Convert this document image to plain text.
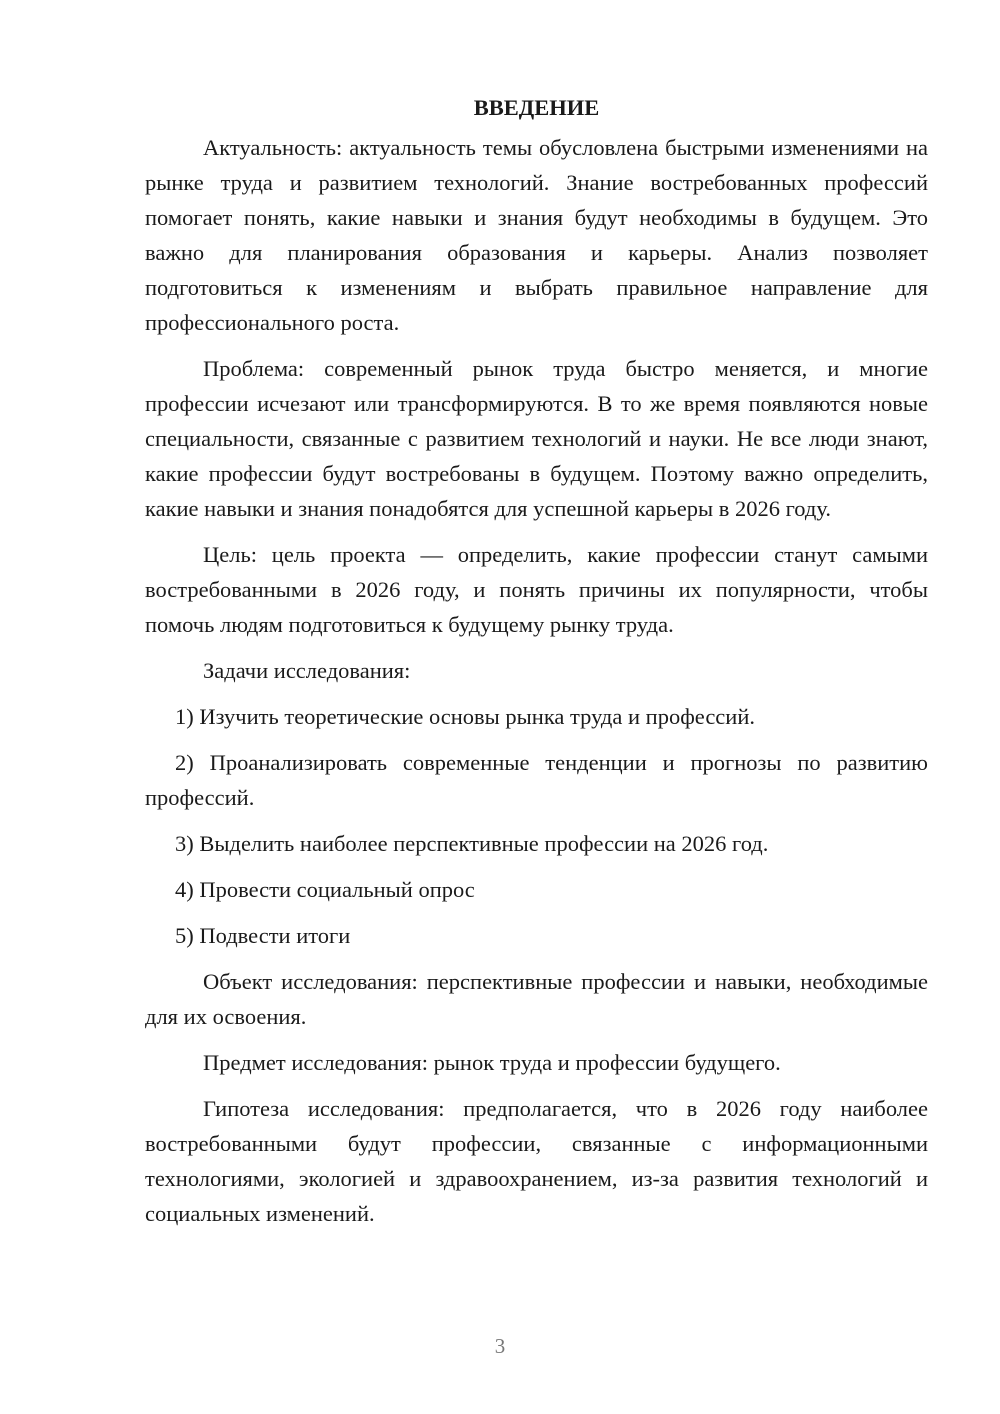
ВВЕДЕНИЕ

Актуальность: актуальность темы обусловлена быстрыми изменениями на рынке труда и развитием технологий. Знание востребованных профессий помогает понять, какие навыки и знания будут необходимы в будущем. Это важно для планирования образования и карьеры. Анализ позволяет подготовиться к изменениям и выбрать правильное направление для профессионального роста.

Проблема: современный рынок труда быстро меняется, и многие профессии исчезают или трансформируются. В то же время появляются новые специальности, связанные с развитием технологий и науки. Не все люди знают, какие профессии будут востребованы в будущем. Поэтому важно определить, какие навыки и знания понадобятся для успешной карьеры в 2026 году.

Цель: цель проекта — определить, какие профессии станут самыми востребованными в 2026 году, и понять причины их популярности, чтобы помочь людям подготовиться к будущему рынку труда.

Задачи исследования:

1) Изучить теоретические основы рынка труда и профессий.

2) Проанализировать современные тенденции и прогнозы по развитию профессий.

3) Выделить наиболее перспективные профессии на 2026 год.

4) Провести социальный опрос

5) Подвести итоги

Объект исследования: перспективные профессии и навыки, необходимые для их освоения.

Предмет исследования: рынок труда и профессии будущего.

Гипотеза исследования: предполагается, что в 2026 году наиболее востребованными будут профессии, связанные с информационными технологиями, экологией и здравоохранением, из-за развития технологий и социальных изменений.

3
